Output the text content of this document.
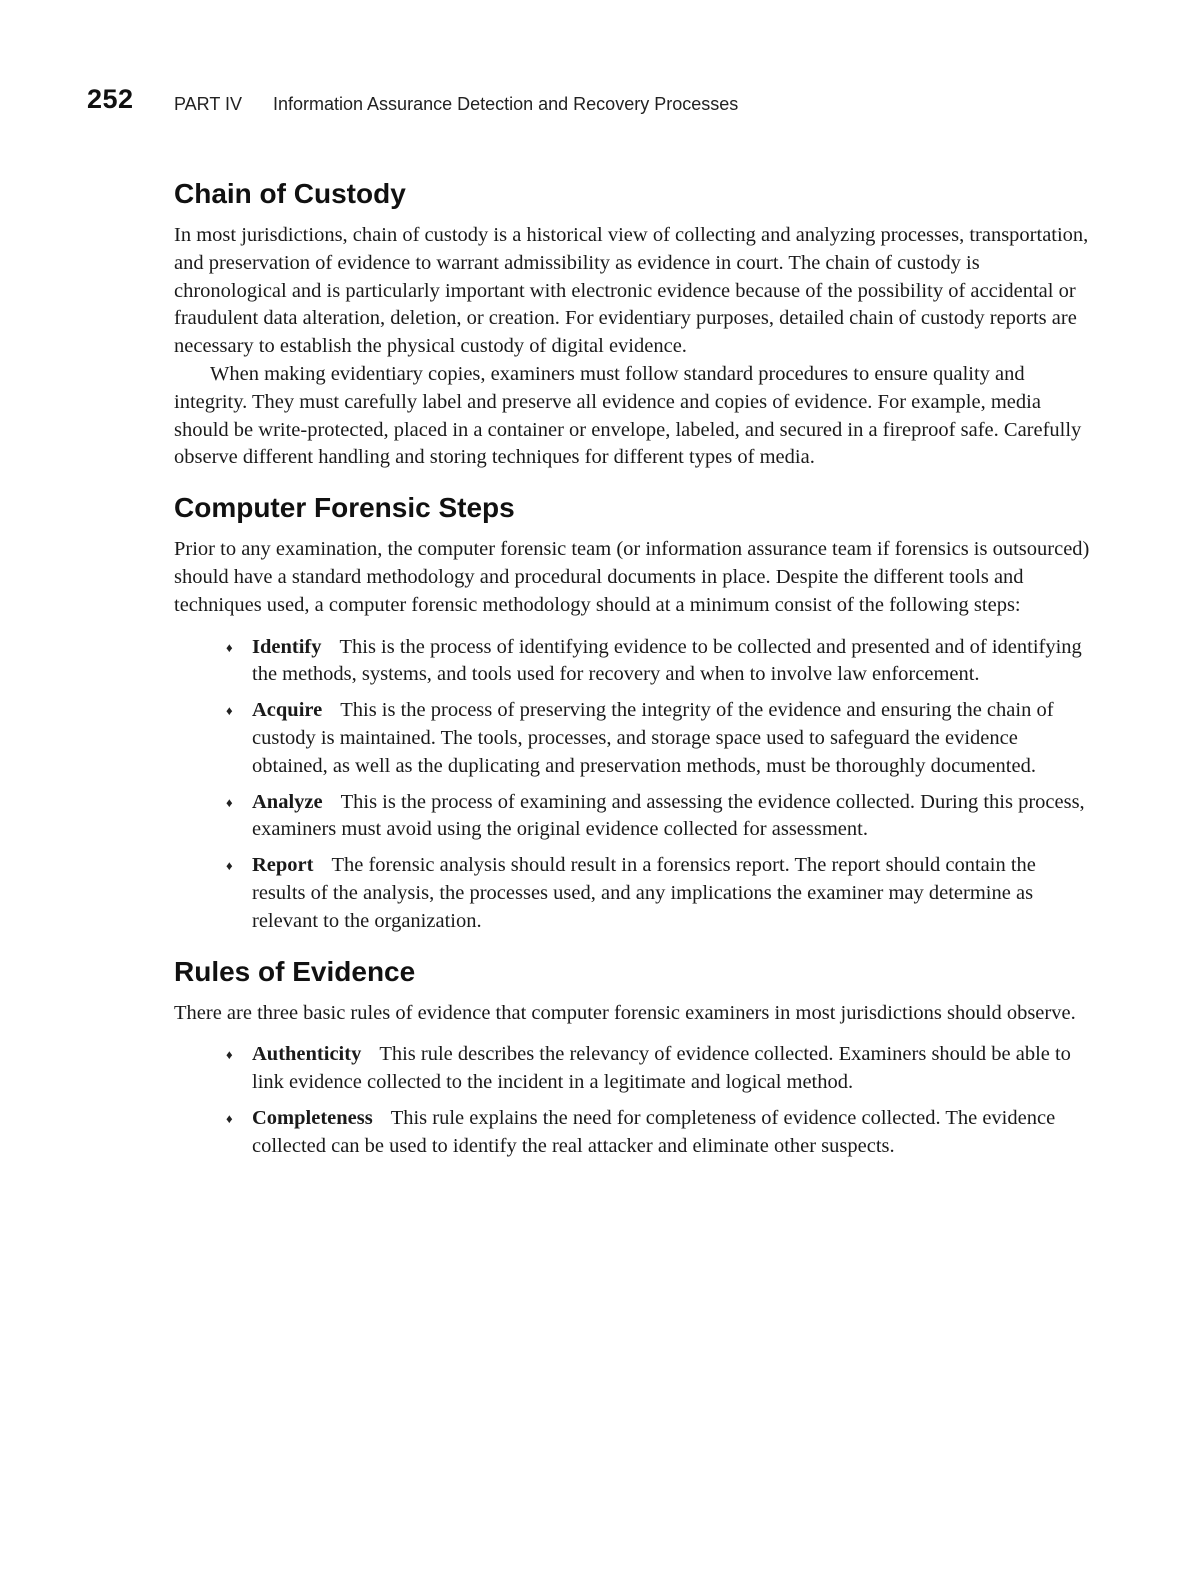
252 PART IV Information Assurance Detection and Recovery Processes
Chain of Custody

In most jurisdictions, chain of custody is a historical view of collecting and analyzing processes, transportation, and preservation of evidence to warrant admissibility as evidence in court. The chain of custody is chronological and is particularly important with electronic evidence because of the possibility of accidental or fraudulent data alteration, deletion, or creation. For evidentiary purposes, detailed chain of custody reports are necessary to establish the physical custody of digital evidence.

When making evidentiary copies, examiners must follow standard procedures to ensure quality and integrity. They must carefully label and preserve all evidence and copies of evidence. For example, media should be write-protected, placed in a container or envelope, labeled, and secured in a fireproof safe. Carefully observe different handling and storing techniques for different types of media.

Computer Forensic Steps

Prior to any examination, the computer forensic team (or information assurance team if forensics is outsourced) should have a standard methodology and procedural documents in place. Despite the different tools and techniques used, a computer forensic methodology should at a minimum consist of the following steps:

♦ Identify This is the process of identifying evidence to be collected and presented and of identifying the methods, systems, and tools used for recovery and when to involve law enforcement.
♦ Acquire This is the process of preserving the integrity of the evidence and ensuring the chain of custody is maintained. The tools, processes, and storage space used to safeguard the evidence obtained, as well as the duplicating and preservation methods, must be thoroughly documented.
♦ Analyze This is the process of examining and assessing the evidence collected. During this process, examiners must avoid using the original evidence collected for assessment.
♦ Report The forensic analysis should result in a forensics report. The report should contain the results of the analysis, the processes used, and any implications the examiner may determine as relevant to the organization.
Rules of Evidence

There are three basic rules of evidence that computer forensic examiners in most jurisdictions should observe.

♦ Authenticity This rule describes the relevancy of evidence collected. Examiners should be able to link evidence collected to the incident in a legitimate and logical method.
♦ Completeness This rule explains the need for completeness of evidence collected. The evidence collected can be used to identify the real attacker and eliminate other suspects.
